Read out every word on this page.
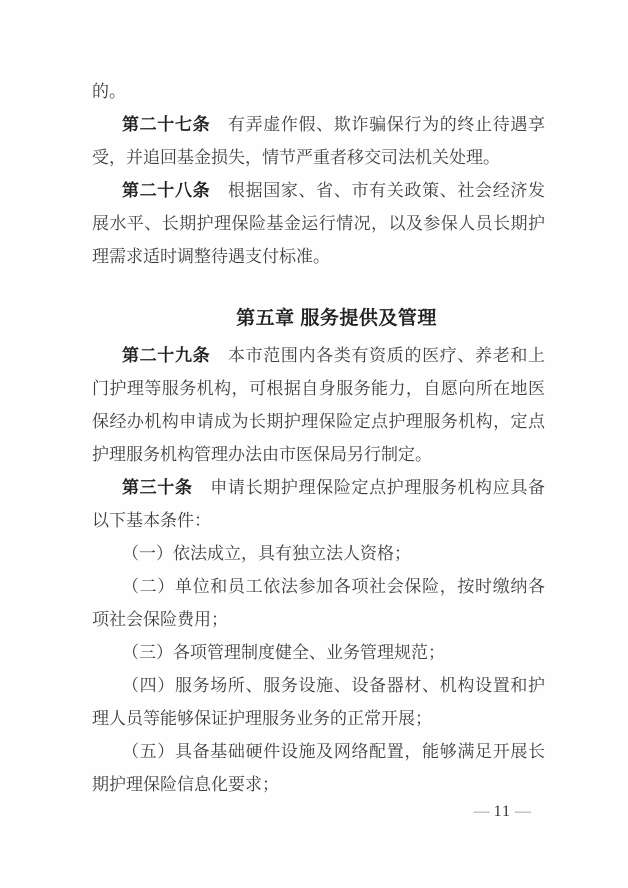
的。
第二十七条　有弄虚作假、欺诈骗保行为的终止待遇享
受，并追回基金损失，情节严重者移交司法机关处理。
第二十八条　根据国家、省、市有关政策、社会经济发
展水平、长期护理保险基金运行情况，以及参保人员长期护
理需求适时调整待遇支付标准。
第五章 服务提供及管理
第二十九条　本市范围内各类有资质的医疗、养老和上
门护理等服务机构，可根据自身服务能力，自愿向所在地医
保经办机构申请成为长期护理保险定点护理服务机构，定点
护理服务机构管理办法由市医保局另行制定。
第三十条　申请长期护理保险定点护理服务机构应具备
以下基本条件：
（一）依法成立，具有独立法人资格；
（二）单位和员工依法参加各项社会保险，按时缴纳各
项社会保险费用；
（三）各项管理制度健全、业务管理规范；
（四）服务场所、服务设施、设备器材、机构设置和护
理人员等能够保证护理服务业务的正常开展；
（五）具备基础硬件设施及网络配置，能够满足开展长
期护理保险信息化要求；
— 11 —
